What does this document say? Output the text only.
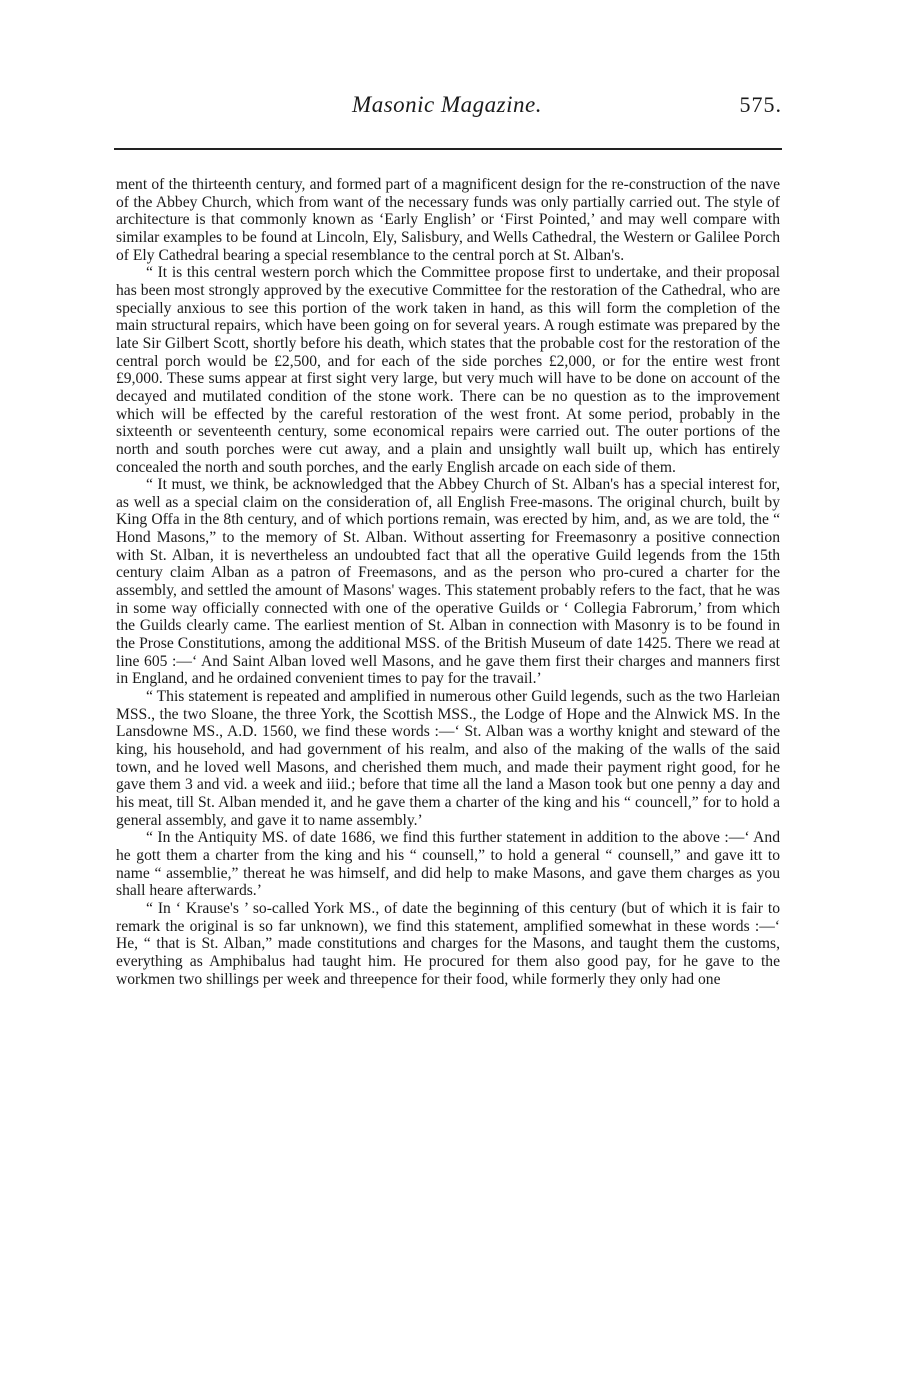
Masonic Magazine.	575.

ment of the thirteenth century, and formed part of a magnificent design for the re-construction of the nave of the Abbey Church, which from want of the necessary funds was only partially carried out. The style of architecture is that commonly known as ‘Early English’ or ‘First Pointed,’ and may well compare with similar examples to be found at Lincoln, Ely, Salisbury, and Wells Cathedral, the Western or Galilee Porch of Ely Cathedral bearing a special resemblance to the central porch at St. Alban's.

“ It is this central western porch which the Committee propose first to undertake, and their proposal has been most strongly approved by the executive Committee for the restoration of the Cathedral, who are specially anxious to see this portion of the work taken in hand, as this will form the completion of the main structural repairs, which have been going on for several years. A rough estimate was prepared by the late Sir Gilbert Scott, shortly before his death, which states that the probable cost for the restoration of the central porch would be £2,500, and for each of the side porches £2,000, or for the entire west front £9,000. These sums appear at first sight very large, but very much will have to be done on account of the decayed and mutilated condition of the stone work. There can be no question as to the improvement which will be effected by the careful restoration of the west front. At some period, probably in the sixteenth or seventeenth century, some economical repairs were carried out. The outer portions of the north and south porches were cut away, and a plain and unsightly wall built up, which has entirely concealed the north and south porches, and the early English arcade on each side of them.

“ It must, we think, be acknowledged that the Abbey Church of St. Alban's has a special interest for, as well as a special claim on the consideration of, all English Free-masons. The original church, built by King Offa in the 8th century, and of which portions remain, was erected by him, and, as we are told, the “ Hond Masons,” to the memory of St. Alban. Without asserting for Freemasonry a positive connection with St. Alban, it is nevertheless an undoubted fact that all the operative Guild legends from the 15th century claim Alban as a patron of Freemasons, and as the person who pro-cured a charter for the assembly, and settled the amount of Masons' wages. This statement probably refers to the fact, that he was in some way officially connected with one of the operative Guilds or ‘ Collegia Fabrorum,’ from which the Guilds clearly came. The earliest mention of St. Alban in connection with Masonry is to be found in the Prose Constitutions, among the additional MSS. of the British Museum of date 1425. There we read at line 605 :—‘ And Saint Alban loved well Masons, and he gave them first their charges and manners first in England, and he ordained convenient times to pay for the travail.’

“ This statement is repeated and amplified in numerous other Guild legends, such as the two Harleian MSS., the two Sloane, the three York, the Scottish MSS., the Lodge of Hope and the Alnwick MS. In the Lansdowne MS., A.D. 1560, we find these words :—‘ St. Alban was a worthy knight and steward of the king, his household, and had government of his realm, and also of the making of the walls of the said town, and he loved well Masons, and cherished them much, and made their payment right good, for he gave them 3 and vid. a week and iiid.; before that time all the land a Mason took but one penny a day and his meat, till St. Alban mended it, and he gave them a charter of the king and his “ councell,” for to hold a general assembly, and gave it to name assembly.’

“ In the Antiquity MS. of date 1686, we find this further statement in addition to the above :—‘ And he gott them a charter from the king and his “ counsell,” to hold a general “ counsell,” and gave itt to name “ assemblie,” thereat he was himself, and did help to make Masons, and gave them charges as you shall heare afterwards.’

“ In ‘ Krause's ’ so-called York MS., of date the beginning of this century (but of which it is fair to remark the original is so far unknown), we find this statement, amplified somewhat in these words :—‘ He, “ that is St. Alban,” made constitutions and charges for the Masons, and taught them the customs, everything as Amphibalus had taught him. He procured for them also good pay, for he gave to the workmen two shillings per week and threepence for their food, while formerly they only had one
